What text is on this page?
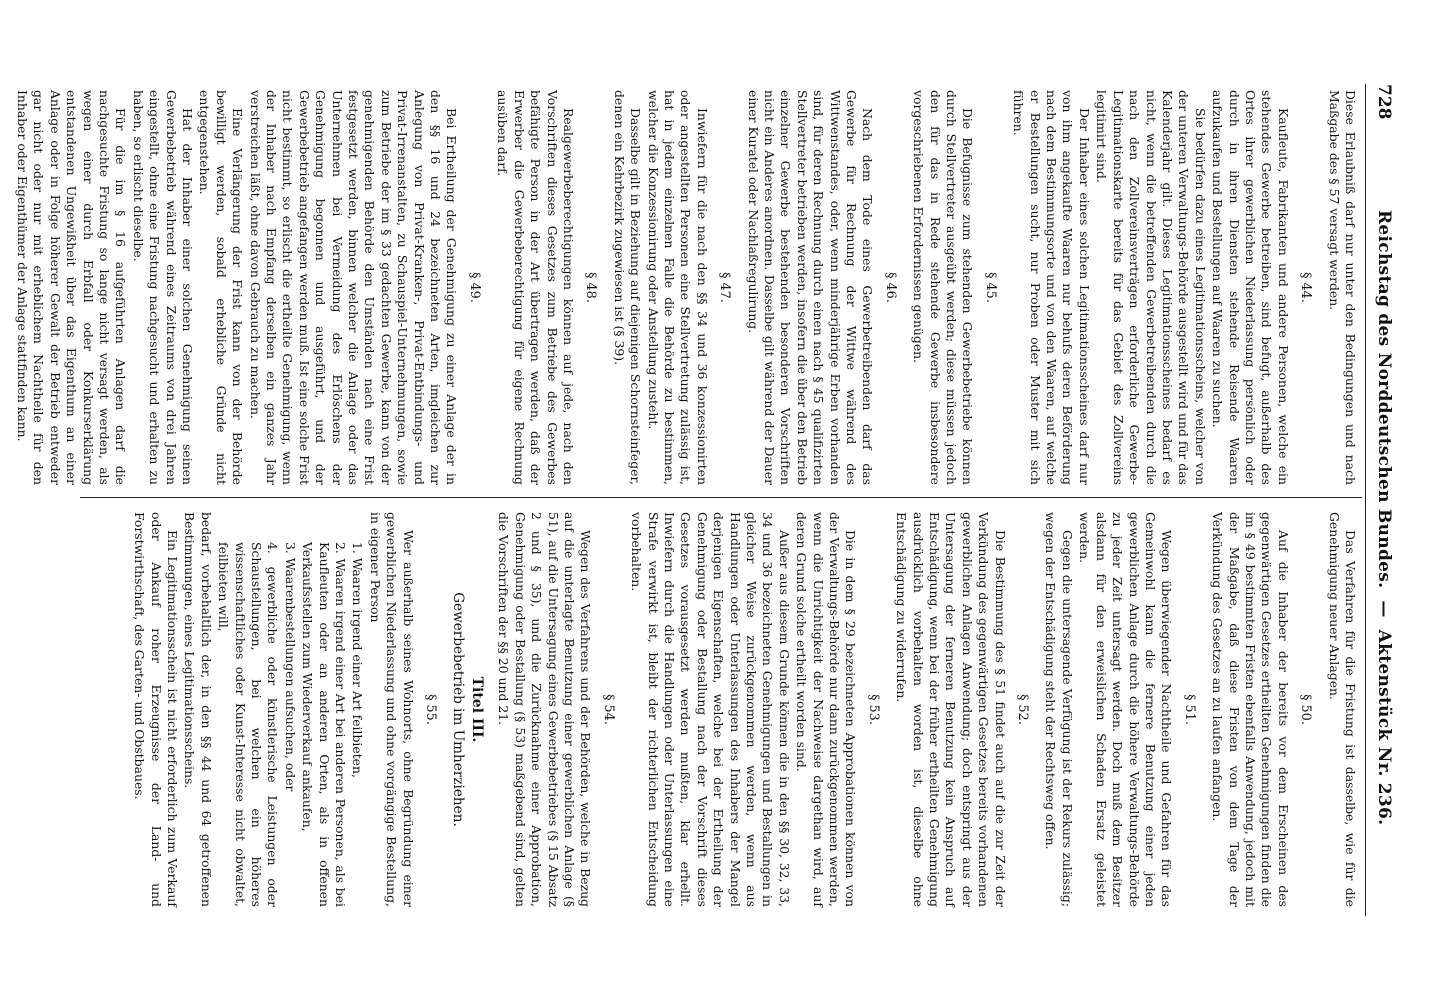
728
Reichstag des Norddeutschen Bundes.—Aktenstück Nr. 236.

Diese Erlaubniß darf nur unter den Bedingungen und nach Maßgabe des § 57 versagt werden.

§ 44.

Kaufleute, Fabrikanten und andere Personen, welche ein stehendes Gewerbe betreiben, sind befugt, außerhalb des Ortes ihrer gewerblichen Niederlassung persönlich oder durch in ihren Diensten stehende Reisende Waaren aufzukaufen und Bestellungen auf Waaren zu suchen.

Sie bedürfen dazu eines Legitimationsscheins, welcher von der unteren Verwaltungs-Behörde ausgestellt wird und für das Kalenderjahr gilt. Dieses Legitimationsscheines bedarf es nicht, wenn die betreffenden Gewerbetreibenden durch die nach den Zollvereinsverträgen erforderliche Gewerbe-Legitimationskarte bereits für das Gebiet des Zollvereins legitimirt sind.

Der Inhaber eines solchen Legitimationsscheines darf nur von ihm angekaufte Waaren nur behufs deren Beförderung nach dem Bestimmungsorte und von den Waaren, auf welche er Bestellungen sucht, nur Proben oder Muster mit sich führen.

§ 45.

Die Befugnisse zum stehenden Gewerbebetriebe können durch Stellvertreter ausgeübt werden; diese müssen jedoch den für das in Rede stehende Gewerbe insbesondere vorgeschriebenen Erfordernissen genügen.

§ 46.

Nach dem Tode eines Gewerbetreibenden darf das Gewerbe für Rechnung der Wittwe während des Wittwenstandes, oder, wenn minderjährige Erben vorhanden sind, für deren Rechnung durch einen nach § 45 qualifizirten Stellvertreter betrieben werden, insofern die über den Betrieb einzelner Gewerbe bestehenden besonderen Vorschriften nicht ein Anderes anordnen. Dasselbe gilt während der Dauer einer Kuratel oder Nachlaßregulirung.

§ 47.

Inwiefern für die nach den §§ 34 und 36 konzessionirten oder angestellten Personen eine Stellvertretung zulässig ist, hat in jedem einzelnen Falle die Behörde zu bestimmen, welcher die Konzessionirung oder Anstellung zusteht.

Dasselbe gilt in Beziehung auf diejenigen Schornsteinfeger, denen ein Kehrbezirk zugewiesen ist (§ 39).

§ 48.

Realgewerbeberechtigungen können auf jede, nach den Vorschriften dieses Gesetzes zum Betriebe des Gewerbes befähigte Person in der Art übertragen werden, daß der Erwerber die Gewerbeberechtigung für eigene Rechnung ausüben darf.

§ 49.

Bei Ertheilung der Genehmigung zu einer Anlage der in den §§ 16 und 24 bezeichneten Arten, imgleichen zur Anlegung von Privat-Kranken-, Privat-Entbindungs- und Privat-Irrenanstalten, zu Schauspiel-Unternehmungen, sowie zum Betriebe der im § 33 gedachten Gewerbe, kann von der genehmigenden Behörde den Umständen nach eine Frist festgesetzt werden, binnen welcher die Anlage oder das Unternehmen bei Vermeidung des Erlöschens der Genehmigung begonnen und ausgeführt, und der Gewerbebetrieb angefangen werden muß. Ist eine solche Frist nicht bestimmt, so erlischt die ertheilte Genehmigung, wenn der Inhaber nach Empfang derselben ein ganzes Jahr verstreichen läßt, ohne davon Gebrauch zu machen.

Eine Verlängerung der Frist kann von der Behörde bewilligt werden, sobald erhebliche Gründe nicht entgegenstehen.

Hat der Inhaber einer solchen Genehmigung seinen Gewerbebetrieb während eines Zeitraums von drei Jahren eingestellt, ohne eine Fristung nachgesucht und erhalten zu haben, so erlischt dieselbe.

Für die im § 16 aufgeführten Anlagen darf die nachgesuchte Fristung so lange nicht versagt werden, als wegen einer durch Erbfall oder Konkurserklärung entstandenen Ungewißheit über das Eigenthum an einer Anlage oder in Folge höherer Gewalt der Betrieb entweder gar nicht oder nur mit erheblichem Nachtheile für den Inhaber oder Eigenthümer der Anlage stattfinden kann.

Das Verfahren für die Fristung ist dasselbe, wie für die Genehmigung neuer Anlagen.

§ 50.

Auf die Inhaber der bereits vor dem Erscheinen des gegenwärtigen Gesetzes ertheilten Genehmigungen finden die im § 49 bestimmten Fristen ebenfalls Anwendung, jedoch mit der Maßgabe, daß diese Fristen von dem Tage der Verkündung des Gesetzes an zu laufen anfangen.

§ 51.

Wegen überwiegender Nachtheile und Gefahren für das Gemeinwohl kann die fernere Benutzung einer jeden gewerblichen Anlage durch die höhere Verwaltungs-Behörde zu jeder Zeit untersagt werden. Doch muß dem Besitzer alsdann für den erweislichen Schaden Ersatz geleistet werden.

Gegen die untersagende Verfügung ist der Rekurs zulässig; wegen der Entschädigung steht der Rechtsweg offen.

§ 52.

Die Bestimmung des § 51 findet auch auf die zur Zeit der Verkündung des gegenwärtigen Gesetzes bereits vorhandenen gewerblichen Anlagen Anwendung; doch entspringt aus der Untersagung der ferneren Benutzung kein Anspruch auf Entschädigung, wenn bei der früher ertheilten Genehmigung ausdrücklich vorbehalten worden ist, dieselbe ohne Entschädigung zu widerrufen.

§ 53.

Die in dem § 29 bezeichneten Approbationen können von der Verwaltungs-Behörde nur dann zurückgenommen werden, wenn die Unrichtigkeit der Nachweise dargethan wird, auf deren Grund solche ertheilt worden sind.

Außer aus diesem Grunde können die in den §§ 30, 32, 33, 34 und 36 bezeichneten Genehmigungen und Bestallungen in gleicher Weise zurückgenommen werden, wenn aus Handlungen oder Unterlassungen des Inhabers der Mangel derjenigen Eigenschaften, welche bei der Ertheilung der Genehmigung oder Bestallung nach der Vorschrift dieses Gesetzes vorausgesetzt werden mußten, klar erhellt. Inwiefern durch die Handlungen oder Unterlassungen eine Strafe verwirkt ist, bleibt der richterlichen Entscheidung vorbehalten.

§ 54.

Wegen des Verfahrens und der Behörden, welche in Bezug auf die unterlagte Benutzung einer gewerblichen Anlage (§ 51), auf die Untersagung eines Gewerbebetriebes (§ 15 Absatz 2 und § 35), und die Zurücknahme einer Approbation, Genehmigung oder Bestallung (§ 53) maßgebend sind, gelten die Vorschriften der §§ 20 und 21.

Titel III.
Gewerbebetrieb im Umherziehen.
§ 55.

Wer außerhalb seines Wohnorts, ohne Begründung einer gewerblichen Niederlassung und ohne vorgängige Bestellung, in eigener Person

1. Waaren irgend einer Art feilbieten,

2. Waaren irgend einer Art bei anderen Personen, als bei Kaufleuten oder an anderen Orten, als in offenen Verkaufsstellen zum Wiederverkauf ankaufen,

3. Waarenbestellungen aufsuchen, oder

4. gewerbliche oder künstlerische Leistungen oder Schaustellungen, bei welchen ein höheres wissenschaftliches oder Kunst-Interesse nicht obwaltet, feilbieten will,

bedarf, vorbehaltlich der, in den §§ 44 und 64 getroffenen Bestimmungen, eines Legitimationsscheins.

Ein Legitimationsschein ist nicht erforderlich zum Verkauf oder Ankauf roher Erzeugnisse der Land- und Forstwirthschaft, des Garten- und Obstbaues.
